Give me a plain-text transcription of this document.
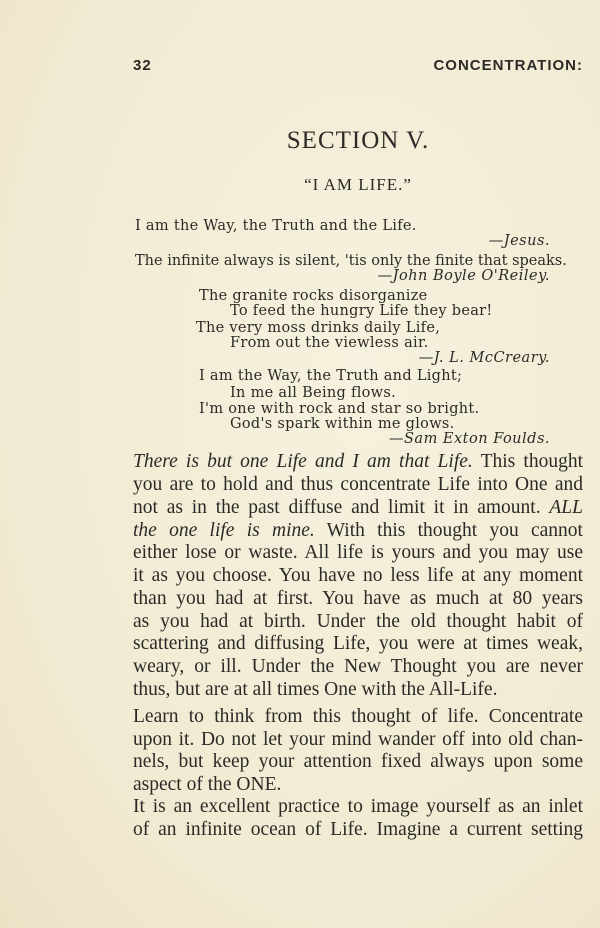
32	CONCENTRATION:
SECTION V.
“I AM LIFE.”
I am the Way, the Truth and the Life.
—Jesus.
The infinite always is silent, 'tis only the finite that speaks.
—John Boyle O'Reiley.
The granite rocks disorganize
To feed the hungry Life they bear!
The very moss drinks daily Life,
From out the viewless air.
—J. L. McCreary.
I am the Way, the Truth and Light;
In me all Being flows.
I'm one with rock and star so bright.
God's spark within me glows.
—Sam Exton Foulds.
There is but one Life and I am that Life. This thought
you are to hold and thus concentrate Life into One and
not as in the past diffuse and limit it in amount. ALL
the one life is mine. With this thought you cannot
either lose or waste. All life is yours and you may use
it as you choose. You have no less life at any moment
than you had at first. You have as much at 80 years
as you had at birth. Under the old thought habit of
scattering and diffusing Life, you were at times weak,
weary, or ill. Under the New Thought you are never
thus, but are at all times One with the All-Life.
Learn to think from this thought of life. Concentrate
upon it. Do not let your mind wander off into old chan-
nels, but keep your attention fixed always upon some
aspect of the ONE.
It is an excellent practice to image yourself as an inlet
of an infinite ocean of Life. Imagine a current setting
